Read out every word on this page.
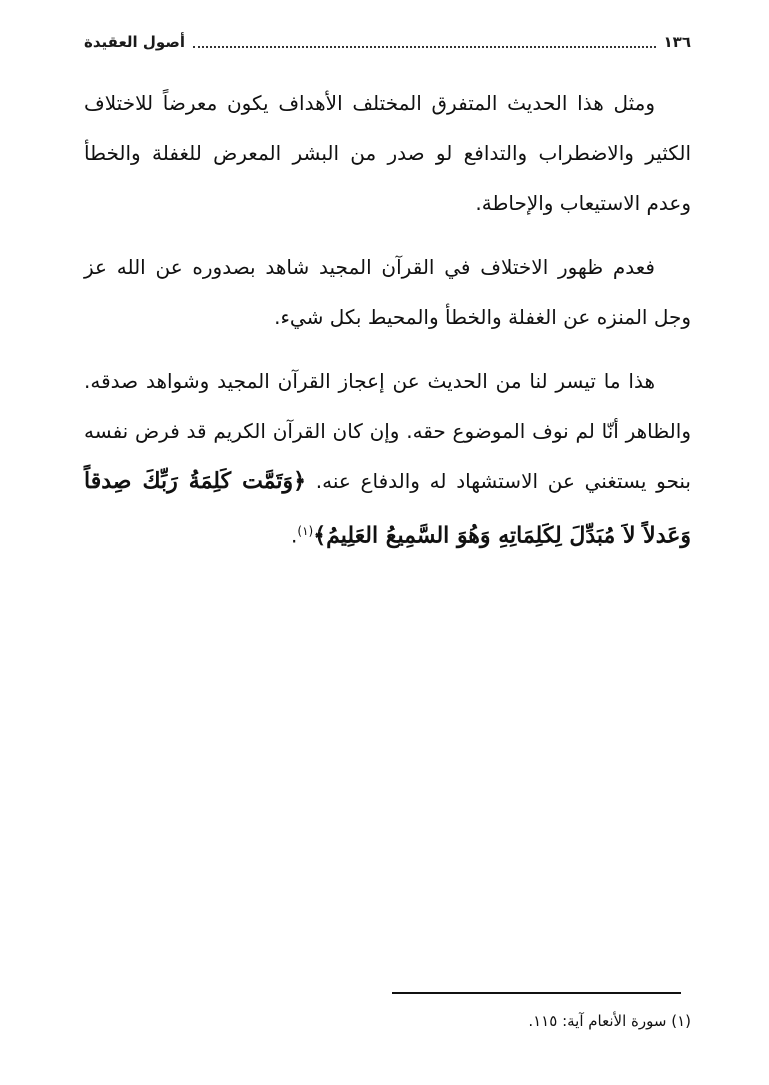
١٣٦
أصول العقيدة

ومثل هذا الحديث المتفرق المختلف الأهداف يكون معرضاً للاختلاف الكثير والاضطراب والتدافع لو صدر من البشر المعرض للغفلة والخطأ وعدم الاستيعاب والإحاطة.

فعدم ظهور الاختلاف في القرآن المجيد شاهد بصدوره عن الله عز وجل المنزه عن الغفلة والخطأ والمحيط بكل شيء.

هذا ما تيسر لنا من الحديث عن إعجاز القرآن المجيد وشواهد صدقه. والظاهر أنّا لم نوف الموضوع حقه. وإن كان القرآن الكريم قد فرض نفسه بنحو يستغني عن الاستشهاد له والدفاع عنه. ﴿وَتَمَّت كَلِمَةُ رَبِّكَ صِدقاً وَعَدلاً لاَ مُبَدِّلَ لِكَلِمَاتِهِ وَهُوَ السَّمِيعُ العَلِيمُ﴾$^{(١)}$.

(١) سورة الأنعام آية: ١١٥.
